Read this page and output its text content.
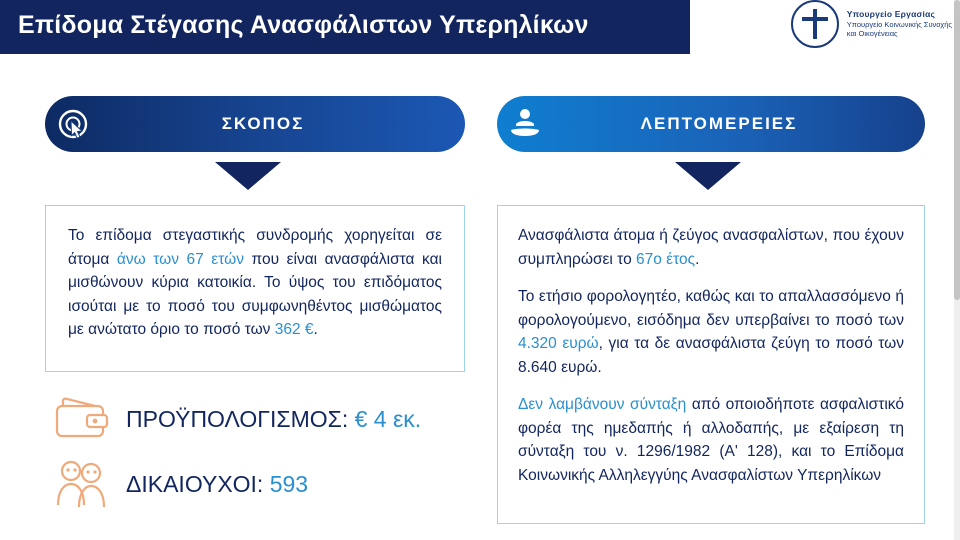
Επίδομα Στέγασης Ανασφάλιστων Υπερηλίκων	Υπουργείο Εργασίας
Υπουργείο Κοινωνικής Συνοχής
και Οικογένειας
ΣΚΟΠΟΣ

Το επίδομα στεγαστικής συνδρομής χορηγείται σε άτομα άνω των 67 ετών που είναι ανασφάλιστα και μισθώνουν κύρια κατοικία. Το ύψος του επιδόματος ισούται με το ποσό του συμφωνηθέντος μισθώματος με ανώτατο όριο το ποσό των 362 €.

ΠΡΟΫΠΟΛΟΓΙΣΜΟΣ: € 4 εκ.
ΔΙΚΑΙΟΥΧΟΙ: 593
ΛΕΠΤΟΜΕΡΕΙΕΣ

Ανασφάλιστα άτομα ή ζεύγος ανασφαλίστων, που έχουν συμπληρώσει το 67ο έτος.

Το ετήσιο φορολογητέο, καθώς και το απαλλασσόμενο ή φορολογούμενο, εισόδημα δεν υπερβαίνει το ποσό των 4.320 ευρώ, για τα δε ανασφάλιστα ζεύγη το ποσό των 8.640 ευρώ.

Δεν λαμβάνουν σύνταξη από οποιοδήποτε ασφαλιστικό φορέα της ημεδαπής ή αλλοδαπής, με εξαίρεση τη σύνταξη του ν. 1296/1982 (Α' 128), και το Επίδομα Κοινωνικής Αλληλεγγύης Ανασφαλίστων Υπερηλίκων
